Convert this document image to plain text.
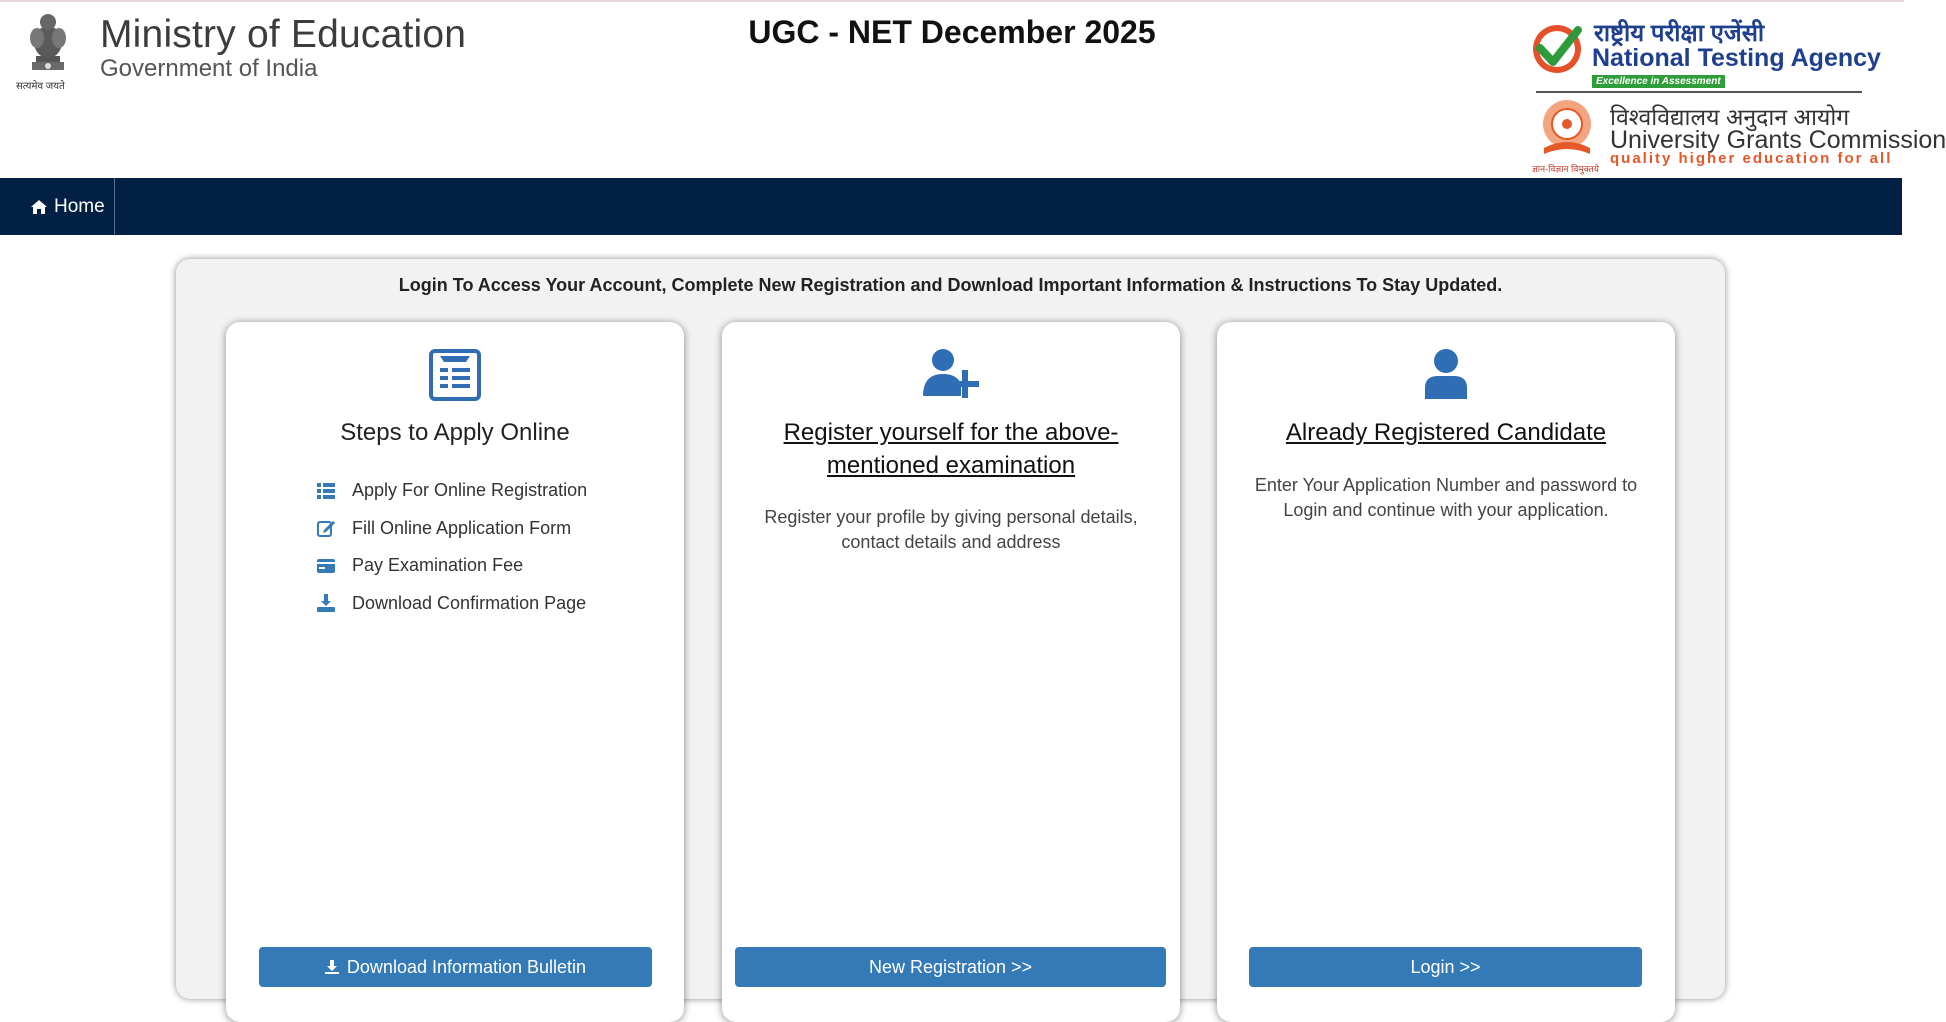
सत्यमेव जयते
Ministry of Education
Government of India
UGC - NET December 2025	राष्ट्रीय परीक्षा एजेंसी
National Testing Agency
Excellence in Assessment
ज्ञान-विज्ञान विमुक्तये
विश्वविद्यालय अनुदान आयोग
University Grants Commission
quality higher education for all
Home
Login To Access Your Account, Complete New Registration and Download Important Information & Instructions To Stay Updated.
Steps to Apply Online
Apply For Online Registration
Fill Online Application Form
Pay Examination Fee
Download Confirmation Page
Download Information Bulletin
Register yourself for the above-mentioned examination
Register your profile by giving personal details, contact details and address
New Registration >>
Already Registered Candidate
Enter Your Application Number and password to Login and continue with your application.
Login >>
